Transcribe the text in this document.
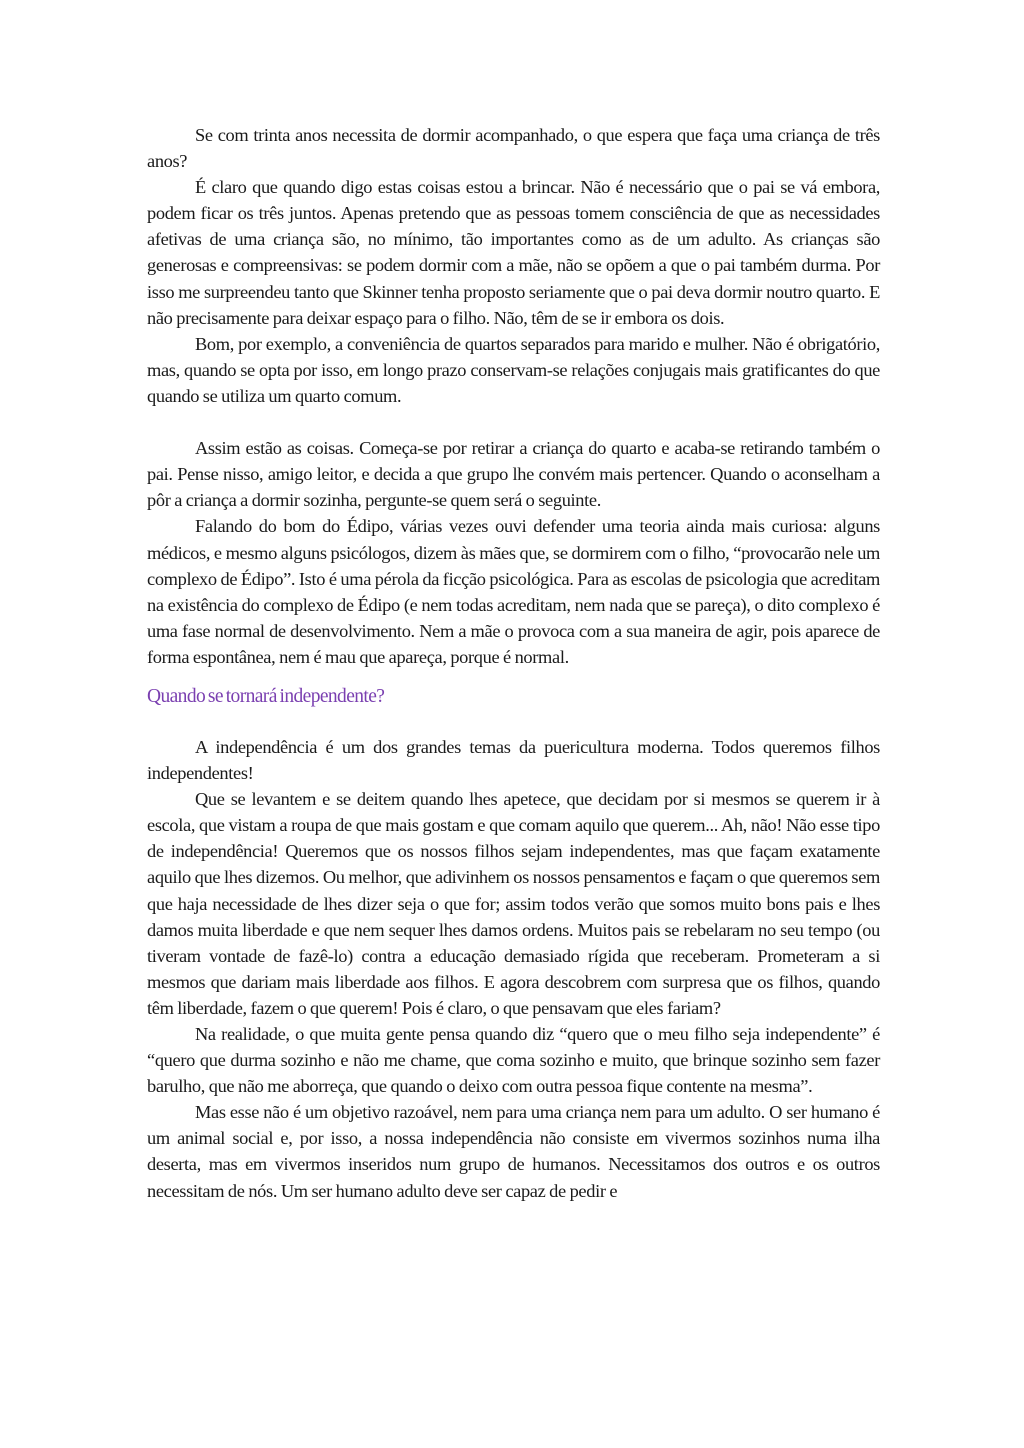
Se com trinta anos necessita de dormir acompanhado, o que espera que faça uma criança de três anos?

É claro que quando digo estas coisas estou a brincar. Não é necessário que o pai se vá embora, podem ficar os três juntos. Apenas pretendo que as pessoas tomem consciência de que as necessidades afetivas de uma criança são, no mínimo, tão importantes como as de um adulto. As crianças são generosas e compreensivas: se podem dormir com a mãe, não se opõem a que o pai também durma. Por isso me surpreendeu tanto que Skinner tenha proposto seriamente que o pai deva dormir noutro quarto. E não precisamente para deixar espaço para o filho. Não, têm de se ir embora os dois.

Bom, por exemplo, a conveniência de quartos separados para marido e mulher. Não é obrigatório, mas, quando se opta por isso, em longo prazo conservam-se relações conjugais mais gratificantes do que quando se utiliza um quarto comum.

Assim estão as coisas. Começa-se por retirar a criança do quarto e acaba-se retirando também o pai. Pense nisso, amigo leitor, e decida a que grupo lhe convém mais pertencer. Quando o aconselham a pôr a criança a dormir sozinha, pergunte-se quem será o seguinte.

Falando do bom do Édipo, várias vezes ouvi defender uma teoria ainda mais curiosa: alguns médicos, e mesmo alguns psicólogos, dizem às mães que, se dormirem com o filho, “provocarão nele um complexo de Édipo”. Isto é uma pérola da ficção psicológica. Para as escolas de psicologia que acreditam na existência do complexo de Édipo (e nem todas acreditam, nem nada que se pareça), o dito complexo é uma fase normal de desenvolvimento. Nem a mãe o provoca com a sua maneira de agir, pois aparece de forma espontânea, nem é mau que apareça, porque é normal.

Quando se tornará independente?

A independência é um dos grandes temas da puericultura moderna. Todos queremos filhos independentes!

Que se levantem e se deitem quando lhes apetece, que decidam por si mesmos se querem ir à escola, que vistam a roupa de que mais gostam e que comam aquilo que querem... Ah, não! Não esse tipo de independência! Queremos que os nossos filhos sejam independentes, mas que façam exatamente aquilo que lhes dizemos. Ou melhor, que adivinhem os nossos pensamentos e façam o que queremos sem que haja necessidade de lhes dizer seja o que for; assim todos verão que somos muito bons pais e lhes damos muita liberdade e que nem sequer lhes damos ordens. Muitos pais se rebelaram no seu tempo (ou tiveram vontade de fazê-lo) contra a educação demasiado rígida que receberam. Prometeram a si mesmos que dariam mais liberdade aos filhos. E agora descobrem com surpresa que os filhos, quando têm liberdade, fazem o que querem! Pois é claro, o que pensavam que eles fariam?

Na realidade, o que muita gente pensa quando diz “quero que o meu filho seja independente” é “quero que durma sozinho e não me chame, que coma sozinho e muito, que brinque sozinho sem fazer barulho, que não me aborreça, que quando o deixo com outra pessoa fique contente na mesma”.

Mas esse não é um objetivo razoável, nem para uma criança nem para um adulto. O ser humano é um animal social e, por isso, a nossa independência não consiste em vivermos sozinhos numa ilha deserta, mas em vivermos inseridos num grupo de humanos. Necessitamos dos outros e os outros necessitam de nós. Um ser humano adulto deve ser capaz de pedir e
